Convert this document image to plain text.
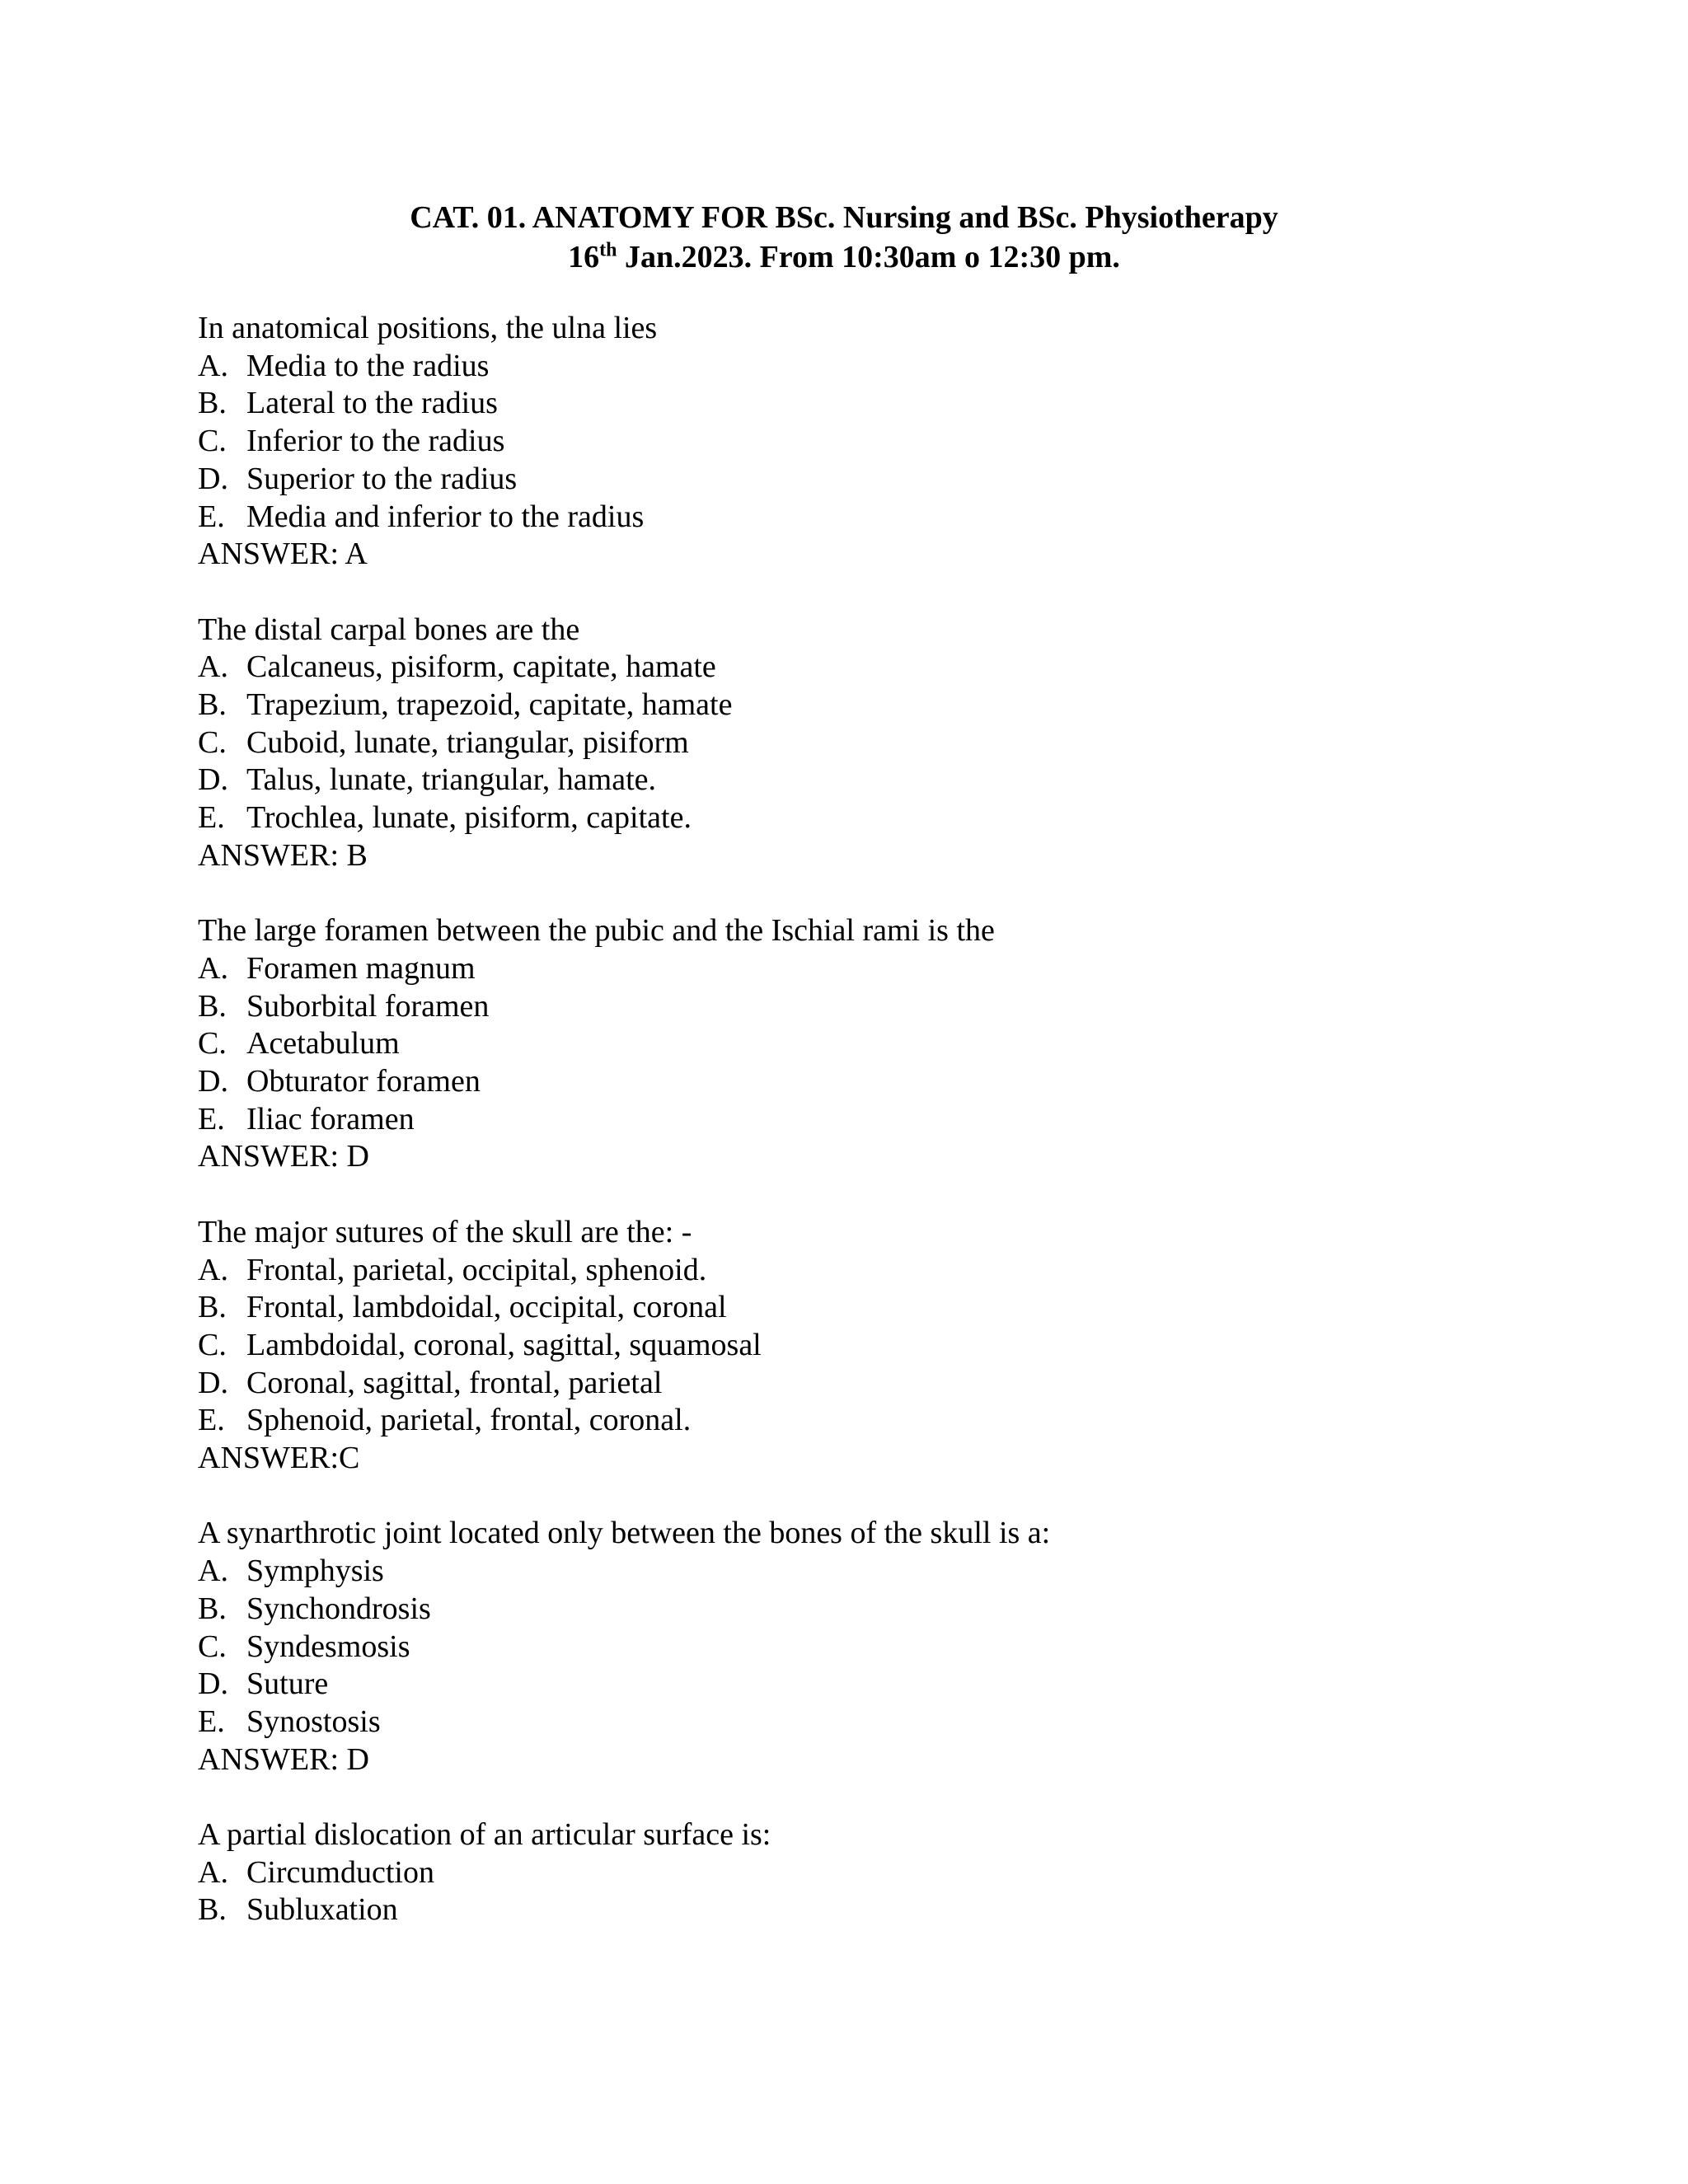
CAT. 01. ANATOMY FOR BSc. Nursing and BSc. Physiotherapy
16th Jan.2023. From 10:30am o 12:30 pm.
In anatomical positions, the ulna lies
A. Media to the radius
B. Lateral to the radius
C. Inferior to the radius
D. Superior to the radius
E. Media and inferior to the radius
ANSWER: A
The distal carpal bones are the
A. Calcaneus, pisiform, capitate, hamate
B. Trapezium, trapezoid, capitate, hamate
C. Cuboid, lunate, triangular, pisiform
D. Talus, lunate, triangular, hamate.
E. Trochlea, lunate, pisiform, capitate.
ANSWER: B
The large foramen between the pubic and the Ischial rami is the
A. Foramen magnum
B. Suborbital foramen
C. Acetabulum
D. Obturator foramen
E. Iliac foramen
ANSWER: D
The major sutures of the skull are the: -
A. Frontal, parietal, occipital, sphenoid.
B. Frontal, lambdoidal, occipital, coronal
C. Lambdoidal, coronal, sagittal, squamosal
D. Coronal, sagittal, frontal, parietal
E. Sphenoid, parietal, frontal, coronal.
ANSWER:C
A synarthrotic joint located only between the bones of the skull is a:
A. Symphysis
B. Synchondrosis
C. Syndesmosis
D. Suture
E. Synostosis
ANSWER: D
A partial dislocation of an articular surface is:
A. Circumduction
B. Subluxation
